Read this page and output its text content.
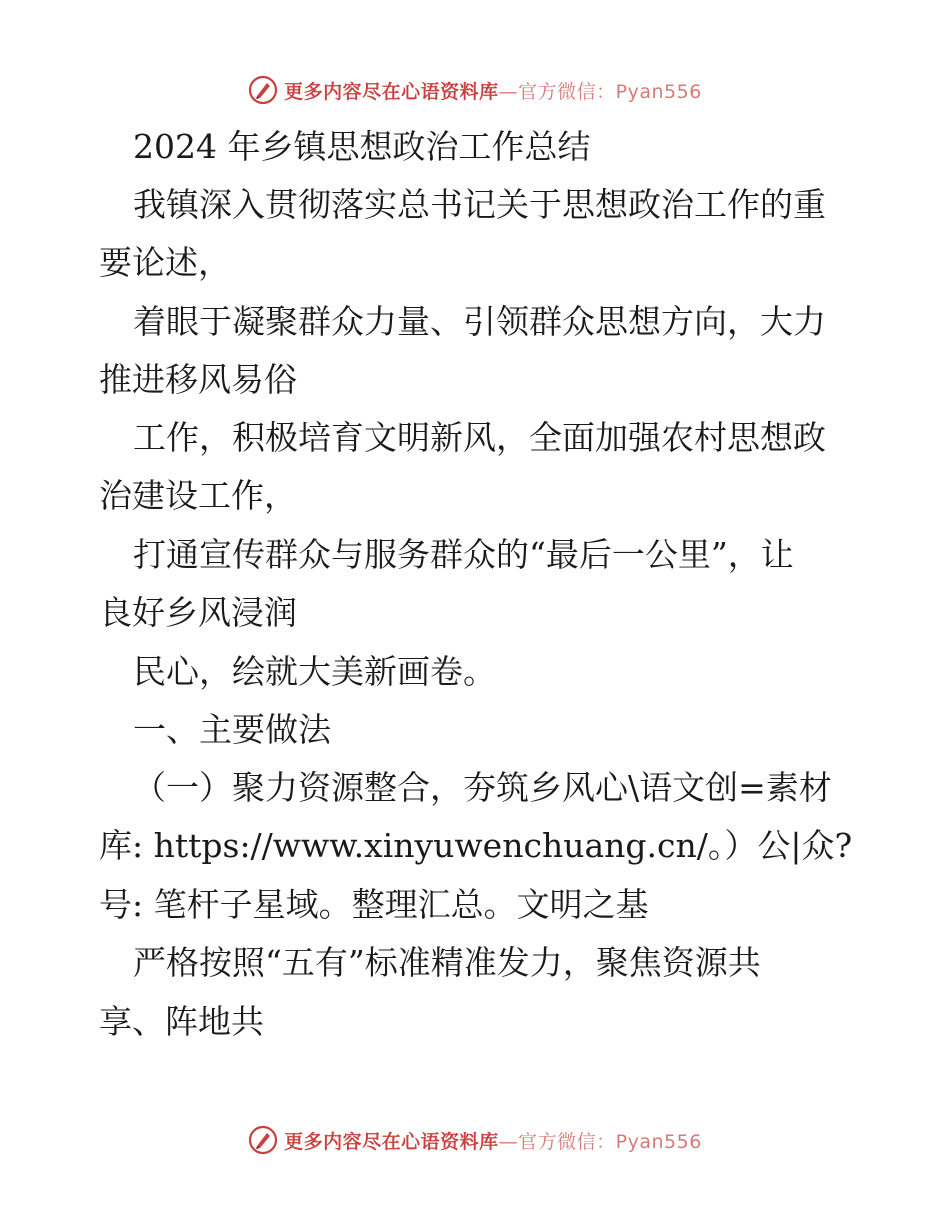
更多内容尽在心语资料库—官方微信：Pyan556
2024 年乡镇思想政治工作总结
我镇深入贯彻落实总书记关于思想政治工作的重
要论述，
着眼于凝聚群众力量、引领群众思想方向，大力
推进移风易俗
工作，积极培育文明新风，全面加强农村思想政
治建设工作，
打通宣传群众与服务群众的“最后一公里”，让
良好乡风浸润
民心，绘就大美新画卷。
一、主要做法
（一）聚力资源整合，夯筑乡风心\语文创=素材
库: https://www.xinyuwenchuang.cn/。）公|众?
号: 笔杆子星域。整理汇总。文明之基
严格按照“五有”标准精准发力，聚焦资源共
享、阵地共
更多内容尽在心语资料库—官方微信：Pyan556
